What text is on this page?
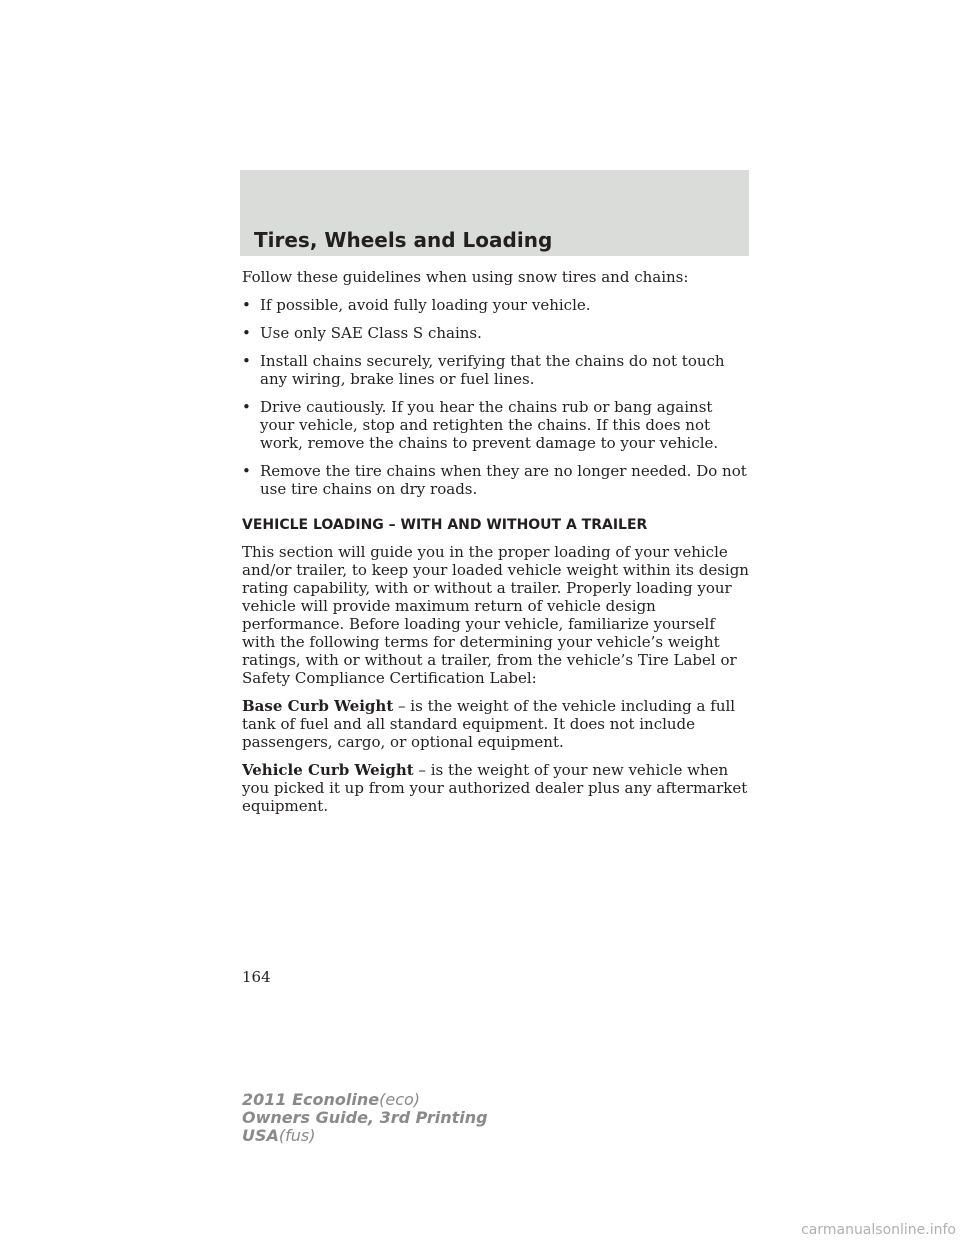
Tires, Wheels and Loading

Follow these guidelines when using snow tires and chains:

• If possible, avoid fully loading your vehicle.
• Use only SAE Class S chains.
• Install chains securely, verifying that the chains do not touch any wiring, brake lines or fuel lines.
• Drive cautiously. If you hear the chains rub or bang against your vehicle, stop and retighten the chains. If this does not work, remove the chains to prevent damage to your vehicle.
• Remove the tire chains when they are no longer needed. Do not use tire chains on dry roads.
VEHICLE LOADING – WITH AND WITHOUT A TRAILER

This section will guide you in the proper loading of your vehicle and/or trailer, to keep your loaded vehicle weight within its design rating capability, with or without a trailer. Properly loading your vehicle will provide maximum return of vehicle design performance. Before loading your vehicle, familiarize yourself with the following terms for determining your vehicle’s weight ratings, with or without a trailer, from the vehicle’s Tire Label or Safety Compliance Certification Label:

Base Curb Weight – is the weight of the vehicle including a full tank of fuel and all standard equipment. It does not include passengers, cargo, or optional equipment.

Vehicle Curb Weight – is the weight of your new vehicle when you picked it up from your authorized dealer plus any aftermarket equipment.

164

2011 Econoline(eco)
Owners Guide, 3rd Printing
USA(fus)
carmanualsonline.info
